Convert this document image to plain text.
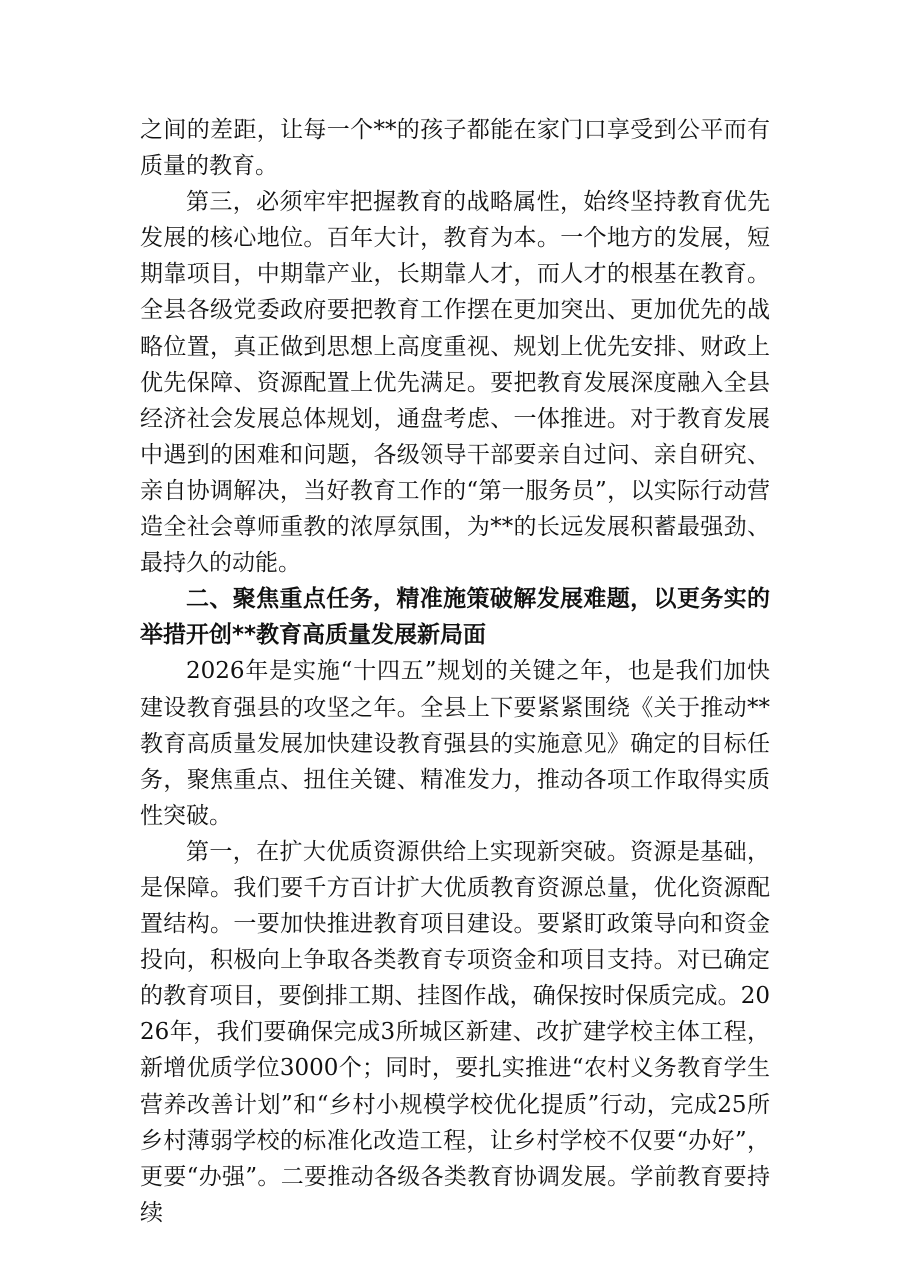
之间的差距，让每一个**的孩子都能在家门口享受到公平而有质量的教育。

第三，必须牢牢把握教育的战略属性，始终坚持教育优先发展的核心地位。百年大计，教育为本。一个地方的发展，短期靠项目，中期靠产业，长期靠人才，而人才的根基在教育。全县各级党委政府要把教育工作摆在更加突出、更加优先的战略位置，真正做到思想上高度重视、规划上优先安排、财政上优先保障、资源配置上优先满足。要把教育发展深度融入全县经济社会发展总体规划，通盘考虑、一体推进。对于教育发展中遇到的困难和问题，各级领导干部要亲自过问、亲自研究、亲自协调解决，当好教育工作的“第一服务员”，以实际行动营造全社会尊师重教的浓厚氛围，为**的长远发展积蓄最强劲、最持久的动能。

二、聚焦重点任务，精准施策破解发展难题，以更务实的举措开创**教育高质量发展新局面

2026年是实施“十四五”规划的关键之年，也是我们加快建设教育强县的攻坚之年。全县上下要紧紧围绕《关于推动**教育高质量发展加快建设教育强县的实施意见》确定的目标任务，聚焦重点、扭住关键、精准发力，推动各项工作取得实质性突破。

第一，在扩大优质资源供给上实现新突破。资源是基础，是保障。我们要千方百计扩大优质教育资源总量，优化资源配置结构。一要加快推进教育项目建设。要紧盯政策导向和资金投向，积极向上争取各类教育专项资金和项目支持。对已确定的教育项目，要倒排工期、挂图作战，确保按时保质完成。2026年，我们要确保完成3所城区新建、改扩建学校主体工程，新增优质学位3000个；同时，要扎实推进“农村义务教育学生营养改善计划”和“乡村小规模学校优化提质”行动，完成25所乡村薄弱学校的标准化改造工程，让乡村学校不仅要“办好”，更要“办强”。二要推动各级各类教育协调发展。学前教育要持续
